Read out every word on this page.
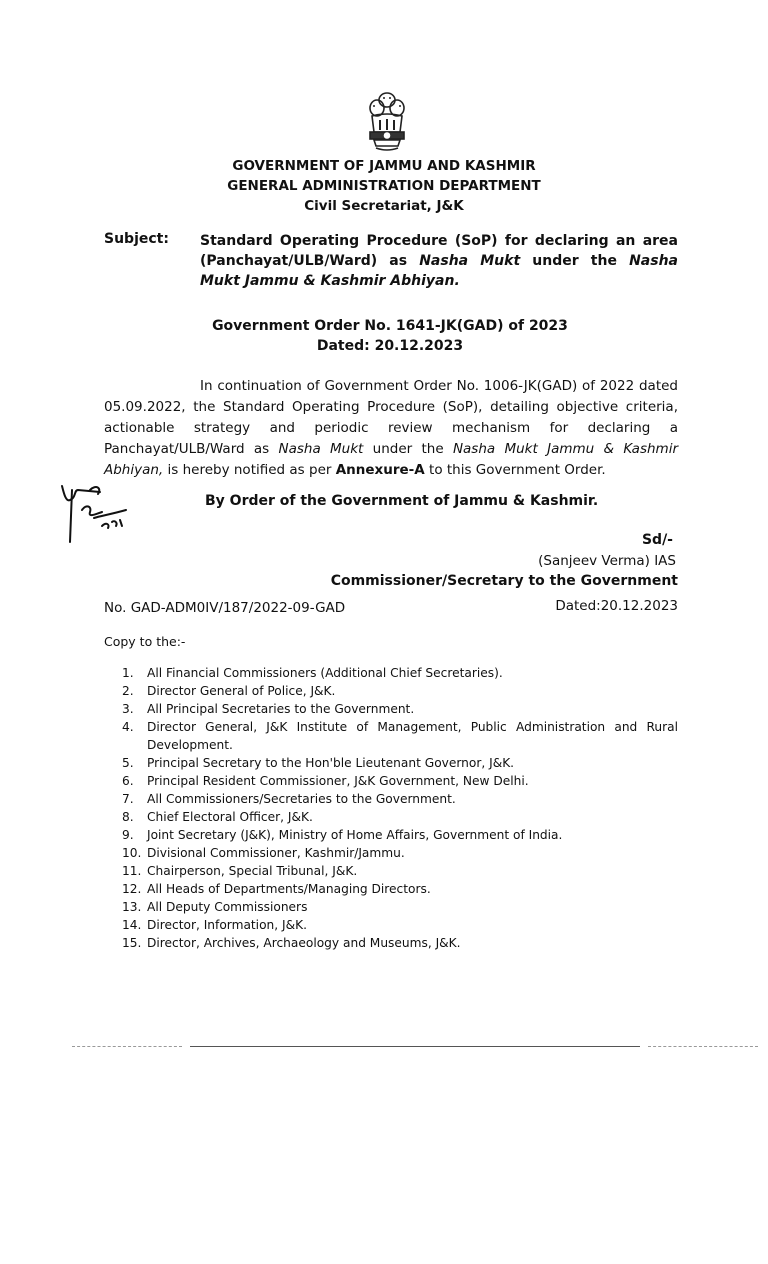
GOVERNMENT OF JAMMU AND KASHMIR
GENERAL ADMINISTRATION DEPARTMENT
Civil Secretariat, J&K
Subject: Standard Operating Procedure (SoP) for declaring an area (Panchayat/ULB/Ward) as Nasha Mukt under the Nasha Mukt Jammu & Kashmir Abhiyan.
Government Order No. 1641-JK(GAD) of 2023
Dated: 20.12.2023
In continuation of Government Order No. 1006-JK(GAD) of 2022 dated 05.09.2022, the Standard Operating Procedure (SoP), detailing objective criteria, actionable strategy and periodic review mechanism for declaring a Panchayat/ULB/Ward as Nasha Mukt under the Nasha Mukt Jammu & Kashmir Abhiyan, is hereby notified as per Annexure-A to this Government Order.
By Order of the Government of Jammu & Kashmir.
Sd/-
(Sanjeev Verma) IAS
Commissioner/Secretary to the Government
No. GAD-ADM0IV/187/2022-09-GAD	Dated:20.12.2023
Copy to the:-
1.	All Financial Commissioners (Additional Chief Secretaries).
2.	Director General of Police, J&K.
3.	All Principal Secretaries to the Government.
4.	Director General, J&K Institute of Management, Public Administration and Rural Development.
5.	Principal Secretary to the Hon'ble Lieutenant Governor, J&K.
6.	Principal Resident Commissioner, J&K Government, New Delhi.
7.	All Commissioners/Secretaries to the Government.
8.	Chief Electoral Officer, J&K.
9.	Joint Secretary (J&K), Ministry of Home Affairs, Government of India.
10. Divisional Commissioner, Kashmir/Jammu.
11. Chairperson, Special Tribunal, J&K.
12. All Heads of Departments/Managing Directors.
13. All Deputy Commissioners
14. Director, Information, J&K.
15. Director, Archives, Archaeology and Museums, J&K.
